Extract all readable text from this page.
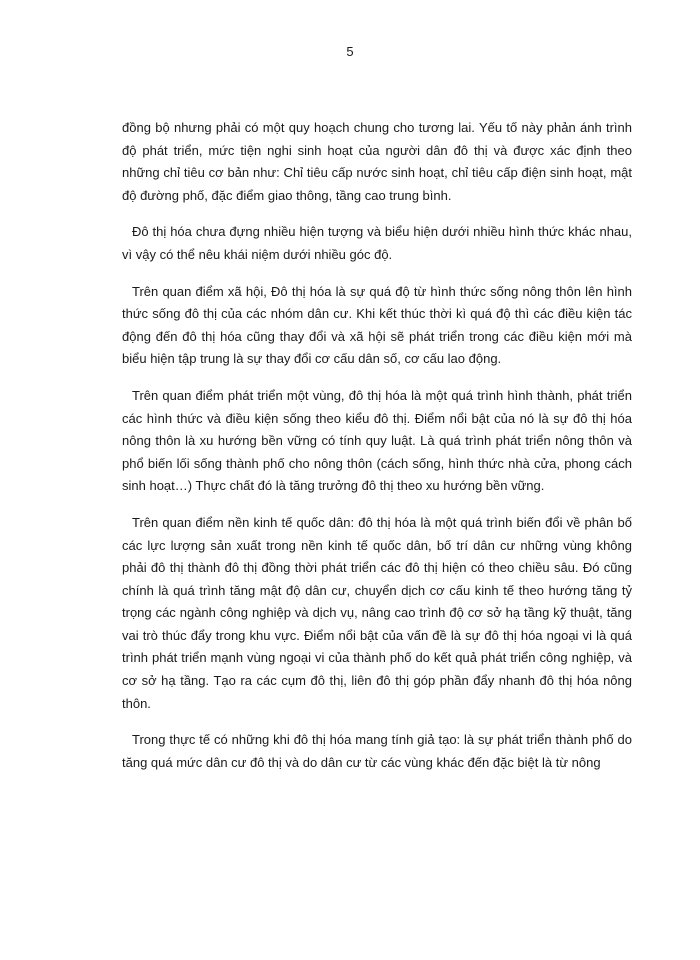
5

đồng bộ nhưng phải có một quy hoạch chung cho tương lai. Yếu tố này phản ánh trình độ phát triển, mức tiện nghi sinh hoạt của người dân đô thị và được xác định theo những chỉ tiêu cơ bản như: Chỉ tiêu cấp nước sinh hoạt, chỉ tiêu cấp điện sinh hoạt, mật độ đường phố, đặc điểm giao thông, tầng cao trung bình.

Đô thị hóa chưa đựng nhiều hiện tượng và biểu hiện dưới nhiều hình thức khác nhau, vì vậy có thể nêu khái niệm dưới nhiều góc độ.

Trên quan điểm xã hội, Đô thị hóa là sự quá độ từ hình thức sống nông thôn lên hình thức sống đô thị của các nhóm dân cư. Khi kết thúc thời kì quá độ thì các điều kiện tác động đến đô thị hóa cũng thay đổi và xã hội sẽ phát triển trong các điều kiện mới mà biểu hiện tập trung là sự thay đổi cơ cấu dân số, cơ cấu lao động.

Trên quan điểm phát triển một vùng, đô thị hóa là một quá trình hình thành, phát triển các hình thức và điều kiện sống theo kiểu đô thị. Điểm nổi bật của nó là sự đô thị hóa nông thôn là xu hướng bền vững có tính quy luật. Là quá trình phát triển nông thôn và phổ biến lối sống thành phố cho nông thôn (cách sống, hình thức nhà cửa, phong cách sinh hoạt…) Thực chất đó là tăng trưởng đô thị theo xu hướng bền vững.

Trên quan điểm nền kinh tế quốc dân: đô thị hóa là một quá trình biến đổi về phân bố các lực lượng sản xuất trong nền kinh tế quốc dân, bố trí dân cư những vùng không phải đô thị thành đô thị đồng thời phát triển các đô thị hiện có theo chiều sâu. Đó cũng chính là quá trình tăng mật độ dân cư, chuyển dịch cơ cấu kinh tế theo hướng tăng tỷ trọng các ngành công nghiệp và dịch vụ, nâng cao trình độ cơ sở hạ tầng kỹ thuật, tăng vai trò thúc đẩy trong khu vực. Điểm nổi bật của vấn đề là sự đô thị hóa ngoại vi là quá trình phát triển mạnh vùng ngoại vi của thành phố do kết quả phát triển công nghiệp, và cơ sở hạ tầng. Tạo ra các cụm đô thị, liên đô thị góp phần đẩy nhanh đô thị hóa nông thôn.

Trong thực tế có những khi đô thị hóa mang tính giả tạo: là sự phát triển thành phố do tăng quá mức dân cư đô thị và do dân cư từ các vùng khác đến đặc biệt là từ nông
